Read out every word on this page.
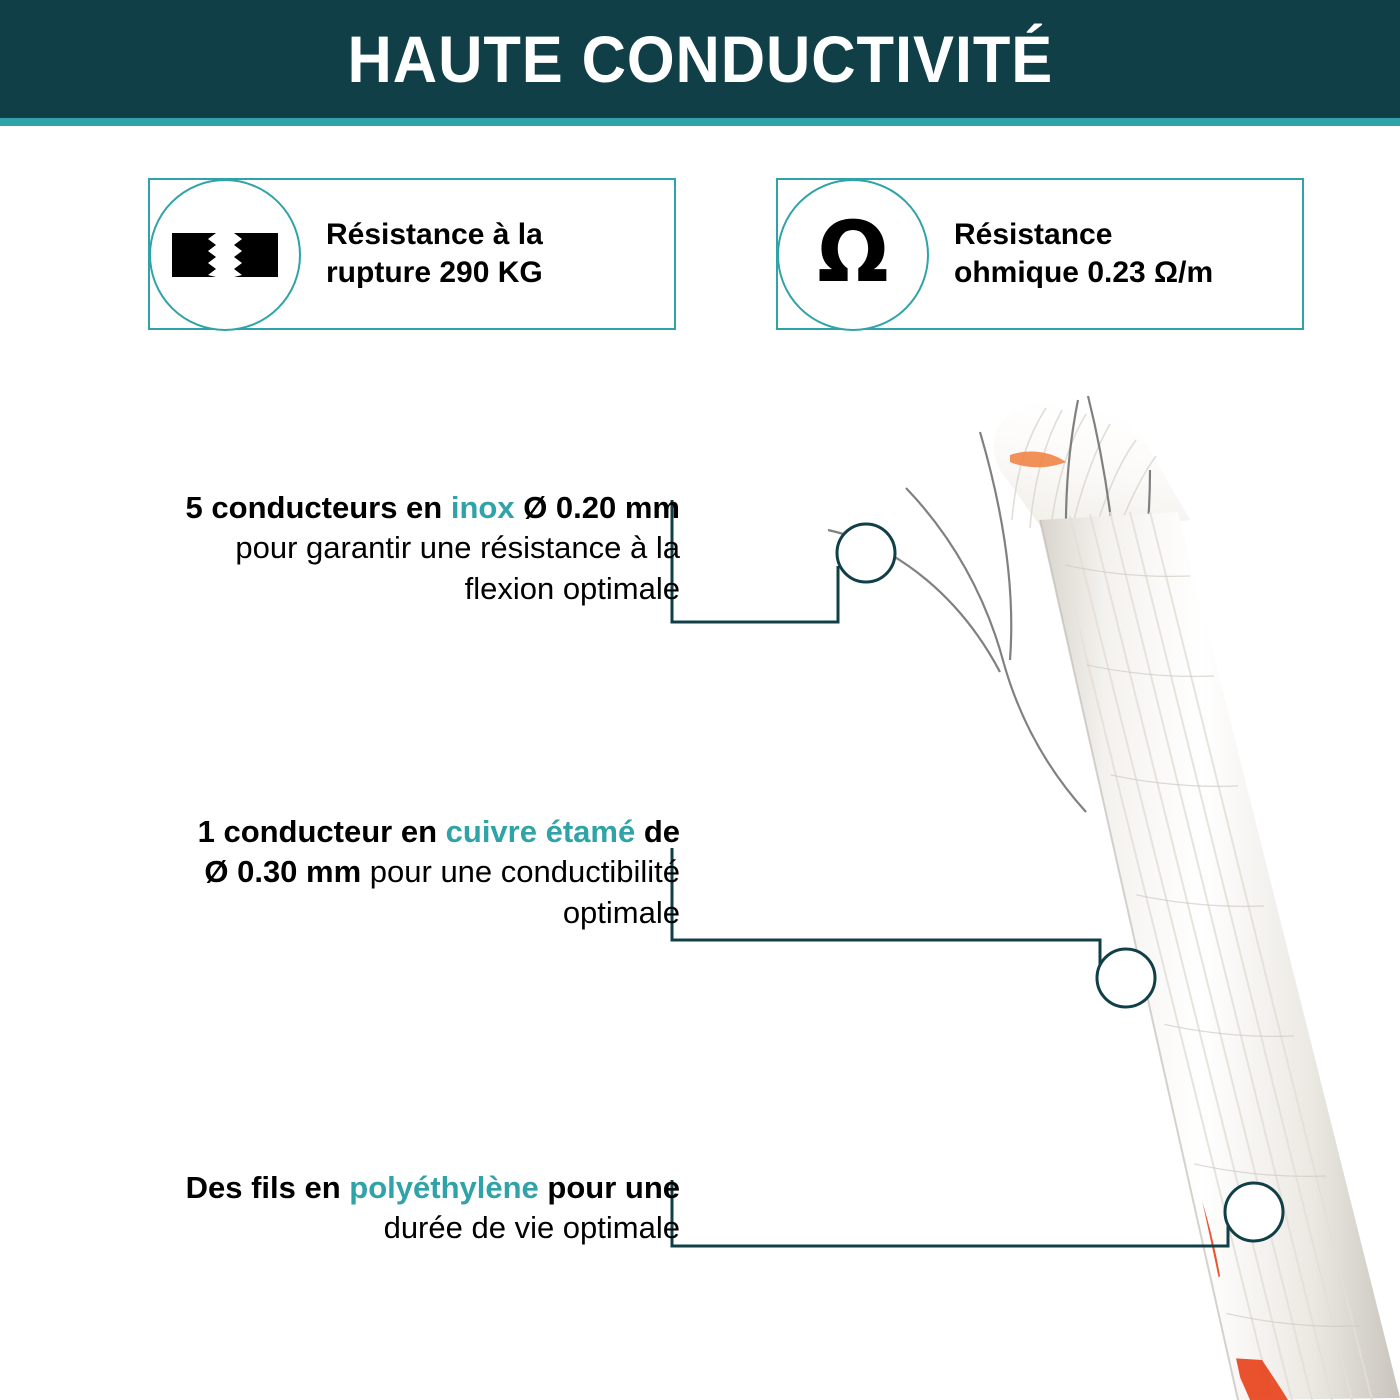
HAUTE CONDUCTIVITÉ
Résistance à la
rupture 290 KG	Ω Résistance
ohmique 0.23 Ω/m
5 conducteurs en inox Ø 0.20 mm
pour garantir une résistance à la
flexion optimale
1 conducteur en cuivre étamé de
Ø 0.30 mm pour une conductibilité
optimale
Des fils en polyéthylène pour une
durée de vie optimale
